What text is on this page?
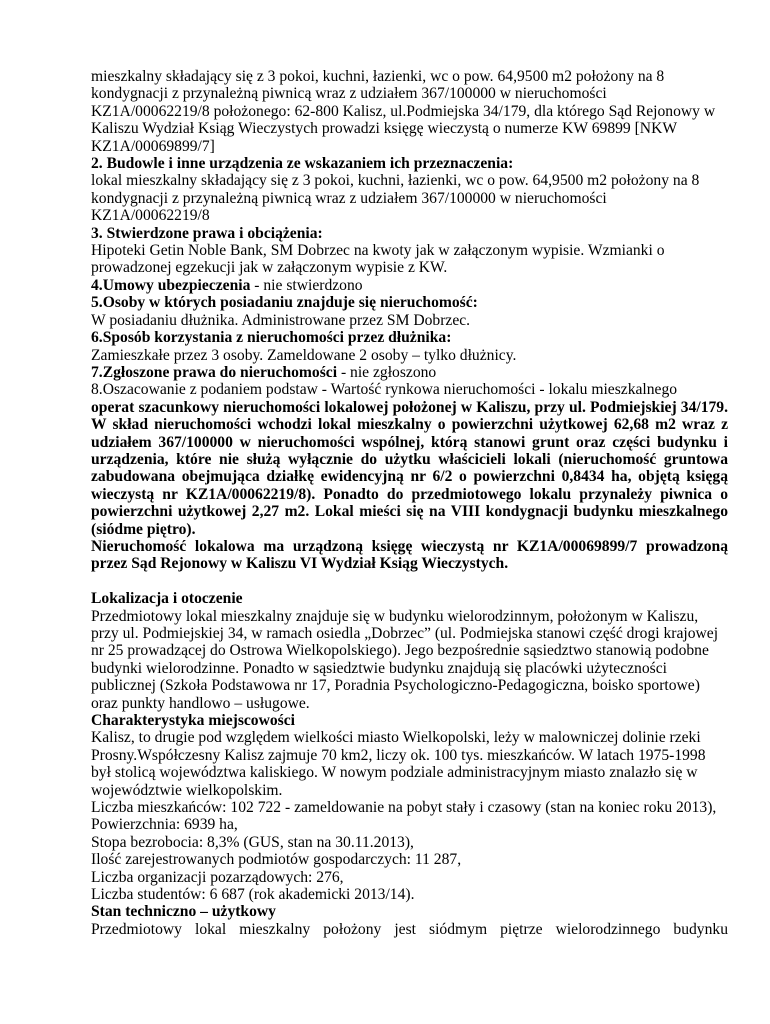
mieszkalny składający się z 3 pokoi, kuchni, łazienki, wc o pow. 64,9500 m2 położony na 8

kondygnacji z przynależną piwnicą wraz z udziałem 367/100000 w nieruchomości

KZ1A/00062219/8 położonego: 62-800 Kalisz, ul.Podmiejska 34/179, dla którego Sąd Rejonowy w

Kaliszu Wydział Ksiąg Wieczystych prowadzi księgę wieczystą o numerze KW 69899 [NKW

KZ1A/00069899/7]

2. Budowle i inne urządzenia ze wskazaniem ich przeznaczenia:

lokal mieszkalny składający się z 3 pokoi, kuchni, łazienki, wc o pow. 64,9500 m2 położony na 8

kondygnacji z przynależną piwnicą wraz z udziałem 367/100000 w nieruchomości

KZ1A/00062219/8

3. Stwierdzone prawa i obciążenia:

Hipoteki Getin Noble Bank, SM Dobrzec na kwoty jak w załączonym wypisie. Wzmianki o

prowadzonej egzekucji jak w załączonym wypisie z KW.

4.Umowy ubezpieczenia - nie stwierdzono

5.Osoby w których posiadaniu znajduje się nieruchomość:

W posiadaniu dłużnika. Administrowane przez SM Dobrzec.

6.Sposób korzystania z nieruchomości przez dłużnika:

Zamieszkałe przez 3 osoby. Zameldowane 2 osoby – tylko dłużnicy.

7.Zgłoszone prawa do nieruchomości - nie zgłoszono

8.Oszacowanie z podaniem podstaw - Wartość rynkowa nieruchomości - lokalu mieszkalnego

operat szacunkowy nieruchomości lokalowej położonej w Kaliszu, przy ul. Podmiejskiej 34/179. W skład nieruchomości wchodzi lokal mieszkalny o powierzchni użytkowej 62,68 m2 wraz z udziałem 367/100000 w nieruchomości wspólnej, którą stanowi grunt oraz części budynku i urządzenia, które nie służą wyłącznie do użytku właścicieli lokali (nieruchomość gruntowa zabudowana obejmująca działkę ewidencyjną nr 6/2 o powierzchni 0,8434 ha, objętą księgą wieczystą nr KZ1A/00062219/8). Ponadto do przedmiotowego lokalu przynależy piwnica o powierzchni użytkowej 2,27 m2. Lokal mieści się na VIII kondygnacji budynku mieszkalnego (siódme piętro).

Nieruchomość lokalowa ma urządzoną księgę wieczystą nr KZ1A/00069899/7 prowadzoną przez Sąd Rejonowy w Kaliszu VI Wydział Ksiąg Wieczystych.

Lokalizacja i otoczenie

Przedmiotowy lokal mieszkalny znajduje się w budynku wielorodzinnym, położonym w Kaliszu,

przy ul. Podmiejskiej 34, w ramach osiedla „Dobrzec” (ul. Podmiejska stanowi część drogi krajowej

nr 25 prowadzącej do Ostrowa Wielkopolskiego). Jego bezpośrednie sąsiedztwo stanowią podobne

budynki wielorodzinne. Ponadto w sąsiedztwie budynku znajdują się placówki użyteczności

publicznej (Szkoła Podstawowa nr 17, Poradnia Psychologiczno-Pedagogiczna, boisko sportowe)

oraz punkty handlowo – usługowe.

Charakterystyka miejscowości

Kalisz, to drugie pod względem wielkości miasto Wielkopolski, leży w malowniczej dolinie rzeki

Prosny.Współczesny Kalisz zajmuje 70 km2, liczy ok. 100 tys. mieszkańców. W latach 1975-1998

był stolicą województwa kaliskiego. W nowym podziale administracyjnym miasto znalazło się w

województwie wielkopolskim.

Liczba mieszkańców: 102 722 - zameldowanie na pobyt stały i czasowy (stan na koniec roku 2013),

Powierzchnia: 6939 ha,

Stopa bezrobocia: 8,3% (GUS, stan na 30.11.2013),

Ilość zarejestrowanych podmiotów gospodarczych: 11 287,

Liczba organizacji pozarządowych: 276,

Liczba studentów: 6 687 (rok akademicki 2013/14).

Stan techniczno – użytkowy

Przedmiotowy lokal mieszkalny położony jest siódmym piętrze wielorodzinnego budynku
